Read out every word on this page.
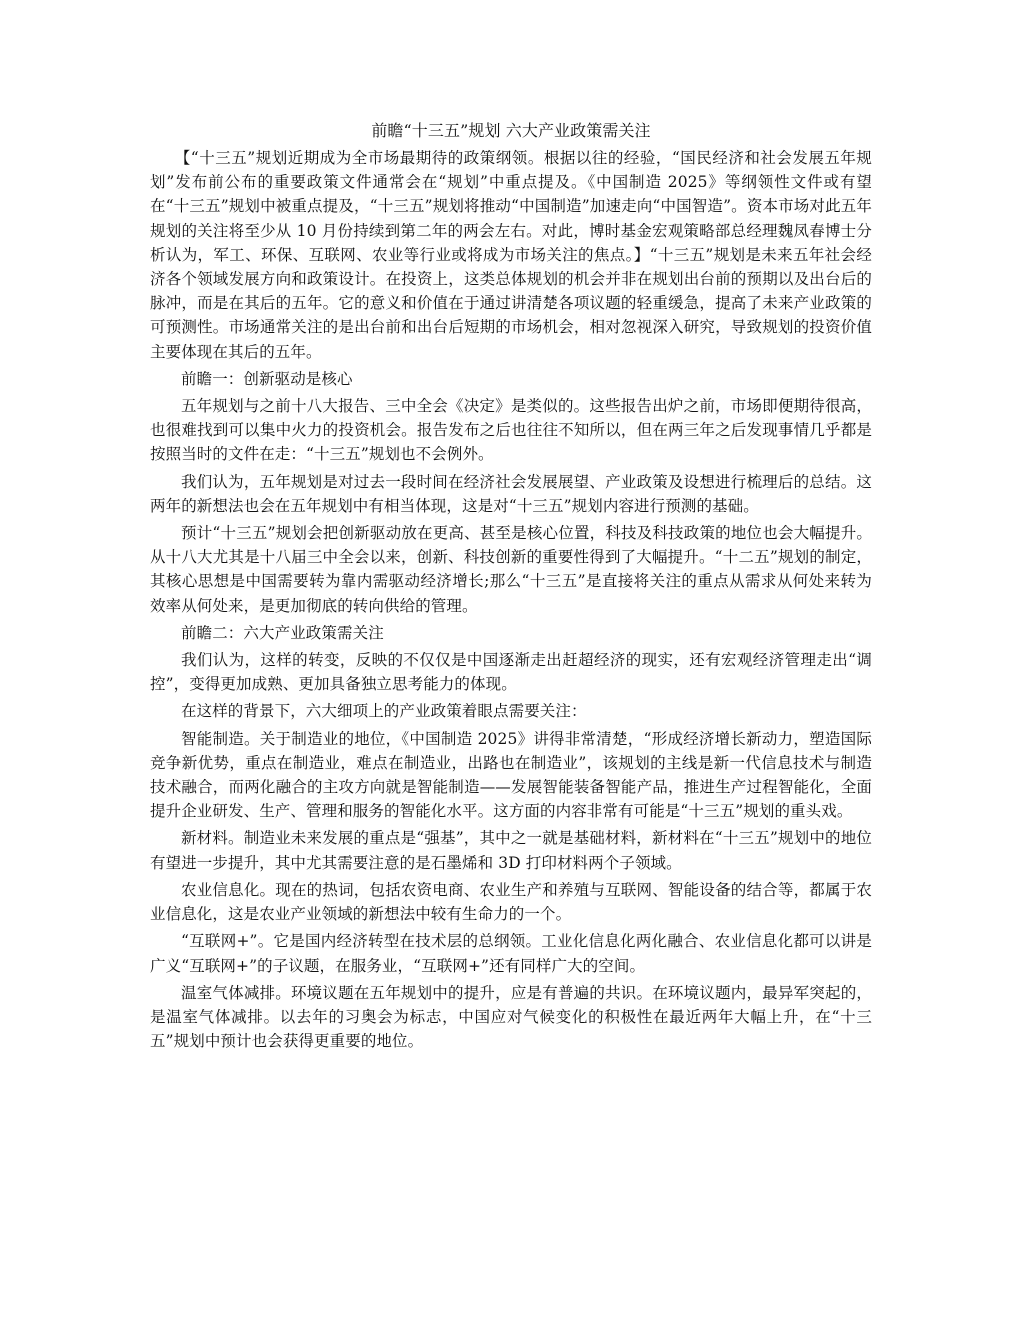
前瞻“十三五”规划 六大产业政策需关注

【“十三五”规划近期成为全市场最期待的政策纲领。根据以往的经验，“国民经济和社会发展五年规划”发布前公布的重要政策文件通常会在“规划”中重点提及。《中国制造 2025》等纲领性文件或有望在“十三五”规划中被重点提及，“十三五”规划将推动“中国制造”加速走向“中国智造”。资本市场对此五年规划的关注将至少从 10 月份持续到第二年的两会左右。对此，博时基金宏观策略部总经理魏凤春博士分析认为，军工、环保、互联网、农业等行业或将成为市场关注的焦点。】“十三五”规划是未来五年社会经济各个领域发展方向和政策设计。在投资上，这类总体规划的机会并非在规划出台前的预期以及出台后的脉冲，而是在其后的五年。它的意义和价值在于通过讲清楚各项议题的轻重缓急，提高了未来产业政策的可预测性。市场通常关注的是出台前和出台后短期的市场机会，相对忽视深入研究，导致规划的投资价值主要体现在其后的五年。

前瞻一：创新驱动是核心

五年规划与之前十八大报告、三中全会《决定》是类似的。这些报告出炉之前，市场即便期待很高，也很难找到可以集中火力的投资机会。报告发布之后也往往不知所以，但在两三年之后发现事情几乎都是按照当时的文件在走：“十三五”规划也不会例外。

我们认为，五年规划是对过去一段时间在经济社会发展展望、产业政策及设想进行梳理后的总结。这两年的新想法也会在五年规划中有相当体现，这是对“十三五”规划内容进行预测的基础。

预计“十三五”规划会把创新驱动放在更高、甚至是核心位置，科技及科技政策的地位也会大幅提升。从十八大尤其是十八届三中全会以来，创新、科技创新的重要性得到了大幅提升。“十二五”规划的制定，其核心思想是中国需要转为靠内需驱动经济增长;那么“十三五”是直接将关注的重点从需求从何处来转为效率从何处来，是更加彻底的转向供给的管理。

前瞻二：六大产业政策需关注

我们认为，这样的转变，反映的不仅仅是中国逐渐走出赶超经济的现实，还有宏观经济管理走出“调控”，变得更加成熟、更加具备独立思考能力的体现。

在这样的背景下，六大细项上的产业政策着眼点需要关注：

智能制造。关于制造业的地位，《中国制造 2025》讲得非常清楚，“形成经济增长新动力，塑造国际竞争新优势，重点在制造业，难点在制造业，出路也在制造业”，该规划的主线是新一代信息技术与制造技术融合，而两化融合的主攻方向就是智能制造——发展智能装备智能产品，推进生产过程智能化，全面提升企业研发、生产、管理和服务的智能化水平。这方面的内容非常有可能是“十三五”规划的重头戏。

新材料。制造业未来发展的重点是“强基”，其中之一就是基础材料，新材料在“十三五”规划中的地位有望进一步提升，其中尤其需要注意的是石墨烯和 3D 打印材料两个子领域。

农业信息化。现在的热词，包括农资电商、农业生产和养殖与互联网、智能设备的结合等，都属于农业信息化，这是农业产业领域的新想法中较有生命力的一个。

“互联网+”。它是国内经济转型在技术层的总纲领。工业化信息化两化融合、农业信息化都可以讲是广义“互联网+”的子议题，在服务业，“互联网+”还有同样广大的空间。

温室气体减排。环境议题在五年规划中的提升，应是有普遍的共识。在环境议题内，最异军突起的，是温室气体减排。以去年的习奥会为标志，中国应对气候变化的积极性在最近两年大幅上升，在“十三五”规划中预计也会获得更重要的地位。
